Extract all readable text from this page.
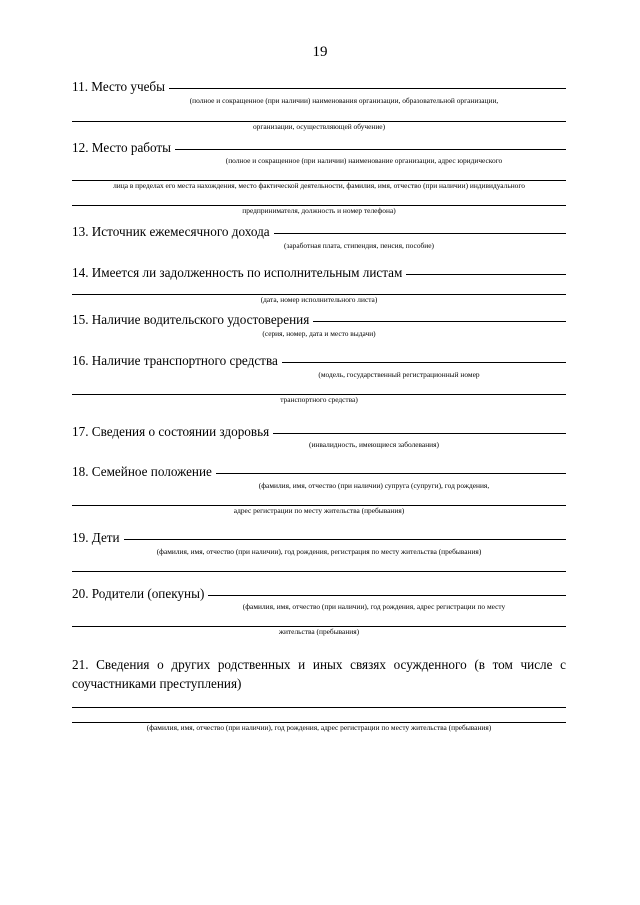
19
11. Место учебы
(полное и сокращенное (при наличии) наименования организации, образовательной организации,
организации, осуществляющей обучение)
12. Место работы
(полное и сокращенное (при наличии) наименование организации, адрес юридического
лица в пределах его места нахождения, место фактической деятельности, фамилия, имя, отчество (при наличии) индивидуального
предпринимателя, должность и номер телефона)
13. Источник ежемесячного дохода
(заработная плата, стипендия, пенсия, пособие)
14. Имеется ли задолженность по исполнительным листам
(дата, номер исполнительного листа)
15. Наличие водительского удостоверения
(серия, номер, дата и место выдачи)
16. Наличие транспортного средства
(модель, государственный регистрационный номер
транспортного средства)
17. Сведения о состоянии здоровья
(инвалидность, имеющиеся заболевания)
18. Семейное положение
(фамилия, имя, отчество (при наличии) супруга (супруги), год рождения,
адрес регистрации по месту жительства (пребывания)
19. Дети
(фамилия, имя, отчество (при наличии), год рождения, регистрация по месту жительства (пребывания)
20. Родители (опекуны)
(фамилия, имя, отчество (при наличии), год рождения, адрес регистрации по месту
жительства (пребывания)
21. Сведения о других родственных и иных связях осужденного (в том числе с соучастниками преступления)
(фамилия, имя, отчество (при наличии), год рождения, адрес регистрации по месту жительства (пребывания)
